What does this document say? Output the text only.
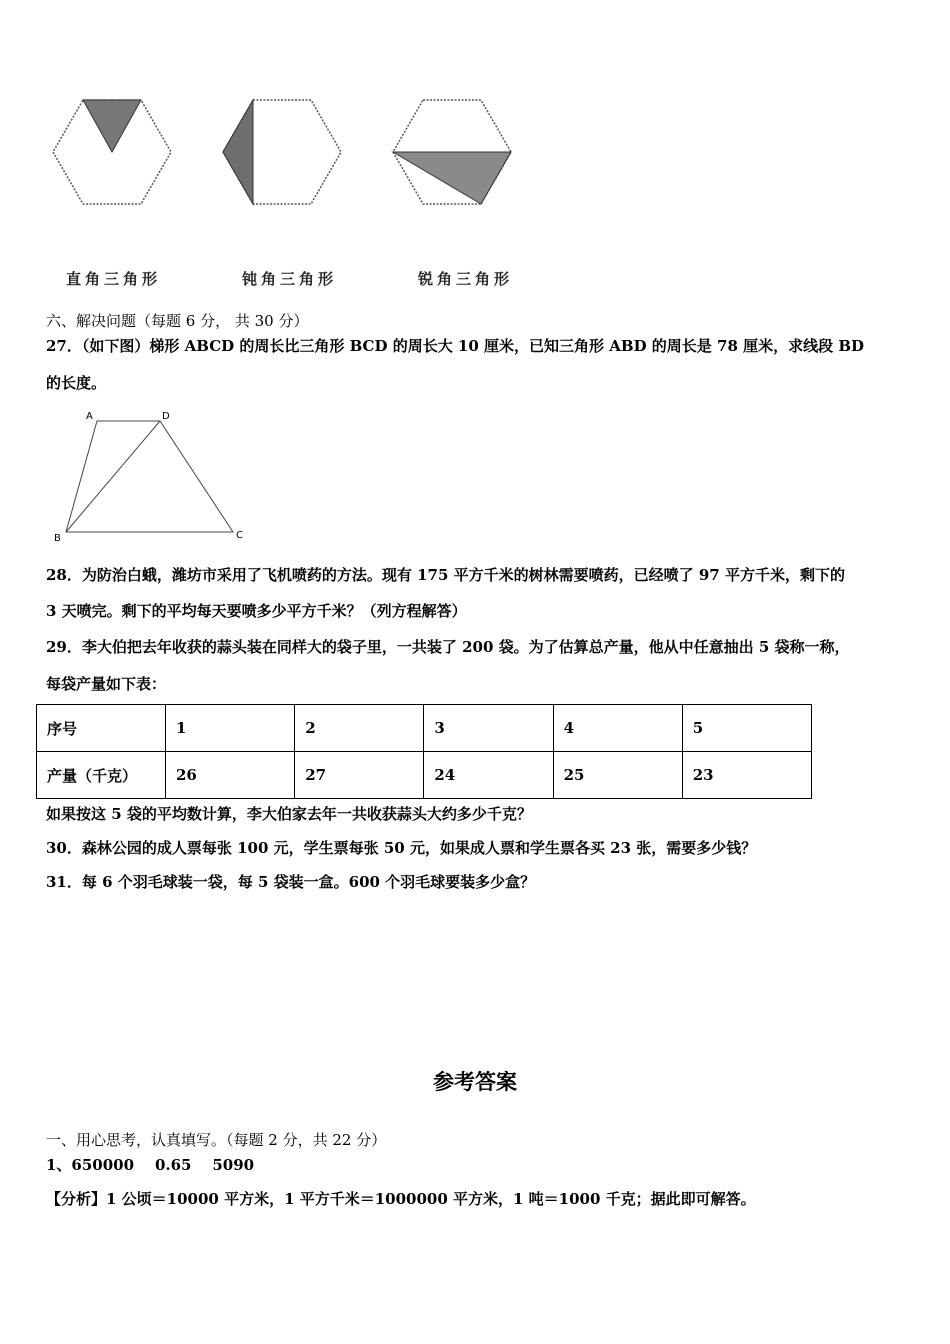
直角三角形	钝角三角形	锐角三角形
六、解决问题（每题 6 分， 共 30 分）
27．（如下图）梯形 ABCD 的周长比三角形 BCD 的周长大 10 厘米，已知三角形 ABD 的周长是 78 厘米，求线段 BD
的长度。
A	D
B	C
28．为防治白蛾，潍坊市采用了飞机喷药的方法。现有 175 平方千米的树林需要喷药，已经喷了 97 平方千米，剩下的
3 天喷完。剩下的平均每天要喷多少平方千米？（列方程解答）
29．李大伯把去年收获的蒜头装在同样大的袋子里，一共装了 200 袋。为了估算总产量，他从中任意抽出 5 袋称一称，
每袋产量如下表：
序号	1	2	3	4	5
产量（千克）	26	27	24	25	23
如果按这 5 袋的平均数计算，李大伯家去年一共收获蒜头大约多少千克？
30．森林公园的成人票每张 100 元，学生票每张 50 元，如果成人票和学生票各买 23 张，需要多少钱？
31．每 6 个羽毛球装一袋，每 5 袋装一盒。600 个羽毛球要装多少盒？
参考答案
一、用心思考，认真填写。（每题 2 分，共 22 分）
1、650000    0.65    5090
【分析】1 公顷＝10000 平方米，1 平方千米＝1000000 平方米，1 吨＝1000 千克；据此即可解答。
